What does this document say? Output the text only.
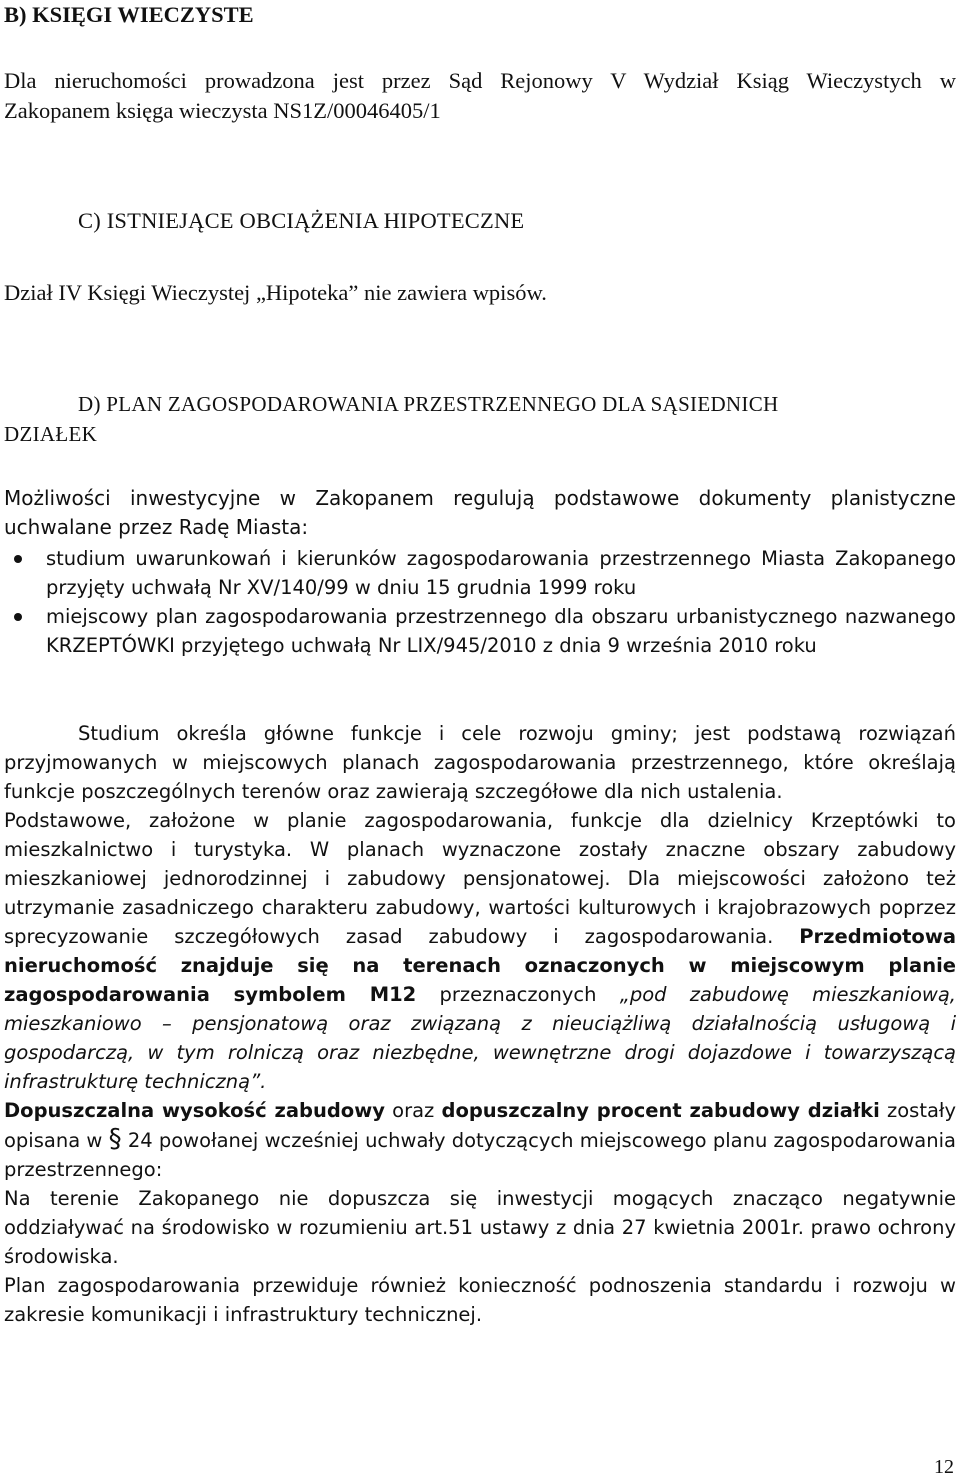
B) KSIĘGI WIECZYSTE
Dla nieruchomości prowadzona jest przez Sąd Rejonowy V Wydział Ksiąg Wieczystych w
Zakopanem księga wieczysta NS1Z/00046405/1
C) ISTNIEJĄCE OBCIĄŻENIA HIPOTECZNE
Dział IV Księgi Wieczystej „Hipoteka” nie zawiera wpisów.
D) PLAN ZAGOSPODAROWANIA PRZESTRZENNEGO DLA SĄSIEDNICH
DZIAŁEK
Możliwości inwestycyjne w Zakopanem regulują podstawowe dokumenty planistyczne uchwalane przez Radę Miasta:
studium uwarunkowań i kierunków zagospodarowania przestrzennego Miasta Zakopanego przyjęty uchwałą Nr XV/140/99 w dniu 15 grudnia 1999 roku
miejscowy plan zagospodarowania przestrzennego dla obszaru urbanistycznego nazwanego KRZEPTÓWKI przyjętego uchwałą Nr LIX/945/2010 z dnia 9 września 2010 roku

Studium określa główne funkcje i cele rozwoju gminy; jest podstawą rozwiązań przyjmowanych w miejscowych planach zagospodarowania przestrzennego, które określają funkcje poszczególnych terenów oraz zawierają szczegółowe dla nich ustalenia.

Podstawowe, założone w planie zagospodarowania, funkcje dla dzielnicy Krzeptówki to mieszkalnictwo i turystyka. W planach wyznaczone zostały znaczne obszary zabudowy mieszkaniowej jednorodzinnej i zabudowy pensjonatowej. Dla miejscowości założono też utrzymanie zasadniczego charakteru zabudowy, wartości kulturowych i krajobrazowych poprzez sprecyzowanie szczegółowych zasad zabudowy i zagospodarowania. Przedmiotowa nieruchomość znajduje się na terenach oznaczonych w miejscowym planie zagospodarowania symbolem M12 przeznaczonych „pod zabudowę mieszkaniową, mieszkaniowo – pensjonatową oraz związaną z nieuciążliwą działalnością usługową i gospodarczą, w tym rolniczą oraz niezbędne, wewnętrzne drogi dojazdowe i towarzyszącą infrastrukturę techniczną”.

Dopuszczalna wysokość zabudowy oraz dopuszczalny procent zabudowy działki zostały opisana w § 24 powołanej wcześniej uchwały dotyczących miejscowego planu zagospodarowania przestrzennego:

Na terenie Zakopanego nie dopuszcza się inwestycji mogących znacząco negatywnie oddziaływać na środowisko w rozumieniu art.51 ustawy z dnia 27 kwietnia 2001r. prawo ochrony środowiska.

Plan zagospodarowania przewiduje również konieczność podnoszenia standardu i rozwoju w zakresie komunikacji i infrastruktury technicznej.

12
